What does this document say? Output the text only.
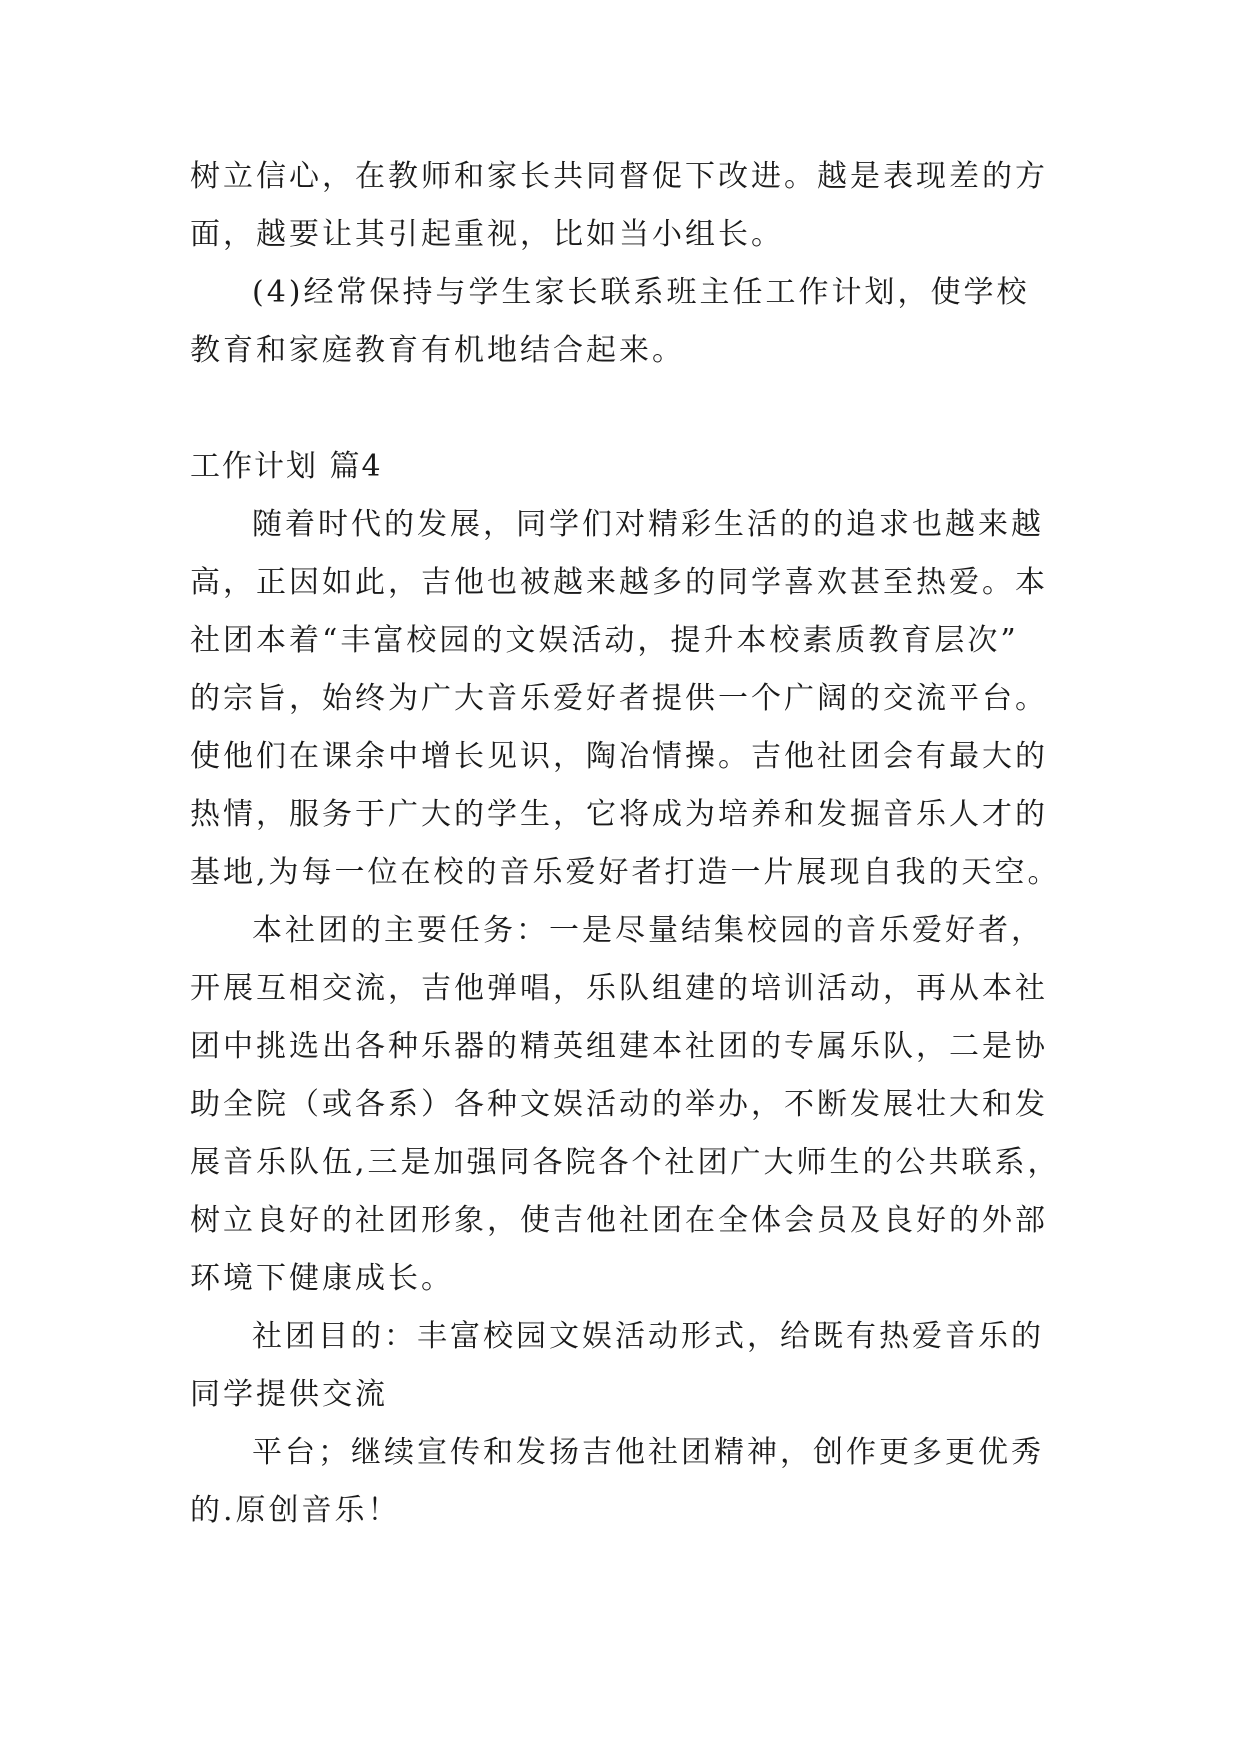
树立信心，在教师和家长共同督促下改进。越是表现差的方
面，越要让其引起重视，比如当小组长。
(4)经常保持与学生家长联系班主任工作计划，使学校
教育和家庭教育有机地结合起来。
工作计划 篇4
随着时代的发展，同学们对精彩生活的的追求也越来越
高，正因如此，吉他也被越来越多的同学喜欢甚至热爱。本
社团本着“丰富校园的文娱活动，提升本校素质教育层次”
的宗旨，始终为广大音乐爱好者提供一个广阔的交流平台。
使他们在课余中增长见识，陶冶情操。吉他社团会有最大的
热情，服务于广大的学生，它将成为培养和发掘音乐人才的
基地,为每一位在校的音乐爱好者打造一片展现自我的天空。
本社团的主要任务：一是尽量结集校园的音乐爱好者，
开展互相交流，吉他弹唱，乐队组建的培训活动，再从本社
团中挑选出各种乐器的精英组建本社团的专属乐队，二是协
助全院（或各系）各种文娱活动的举办，不断发展壮大和发
展音乐队伍,三是加强同各院各个社团广大师生的公共联系，
树立良好的社团形象，使吉他社团在全体会员及良好的外部
环境下健康成长。
社团目的：丰富校园文娱活动形式，给既有热爱音乐的
同学提供交流
平台；继续宣传和发扬吉他社团精神，创作更多更优秀
的.原创音乐！
